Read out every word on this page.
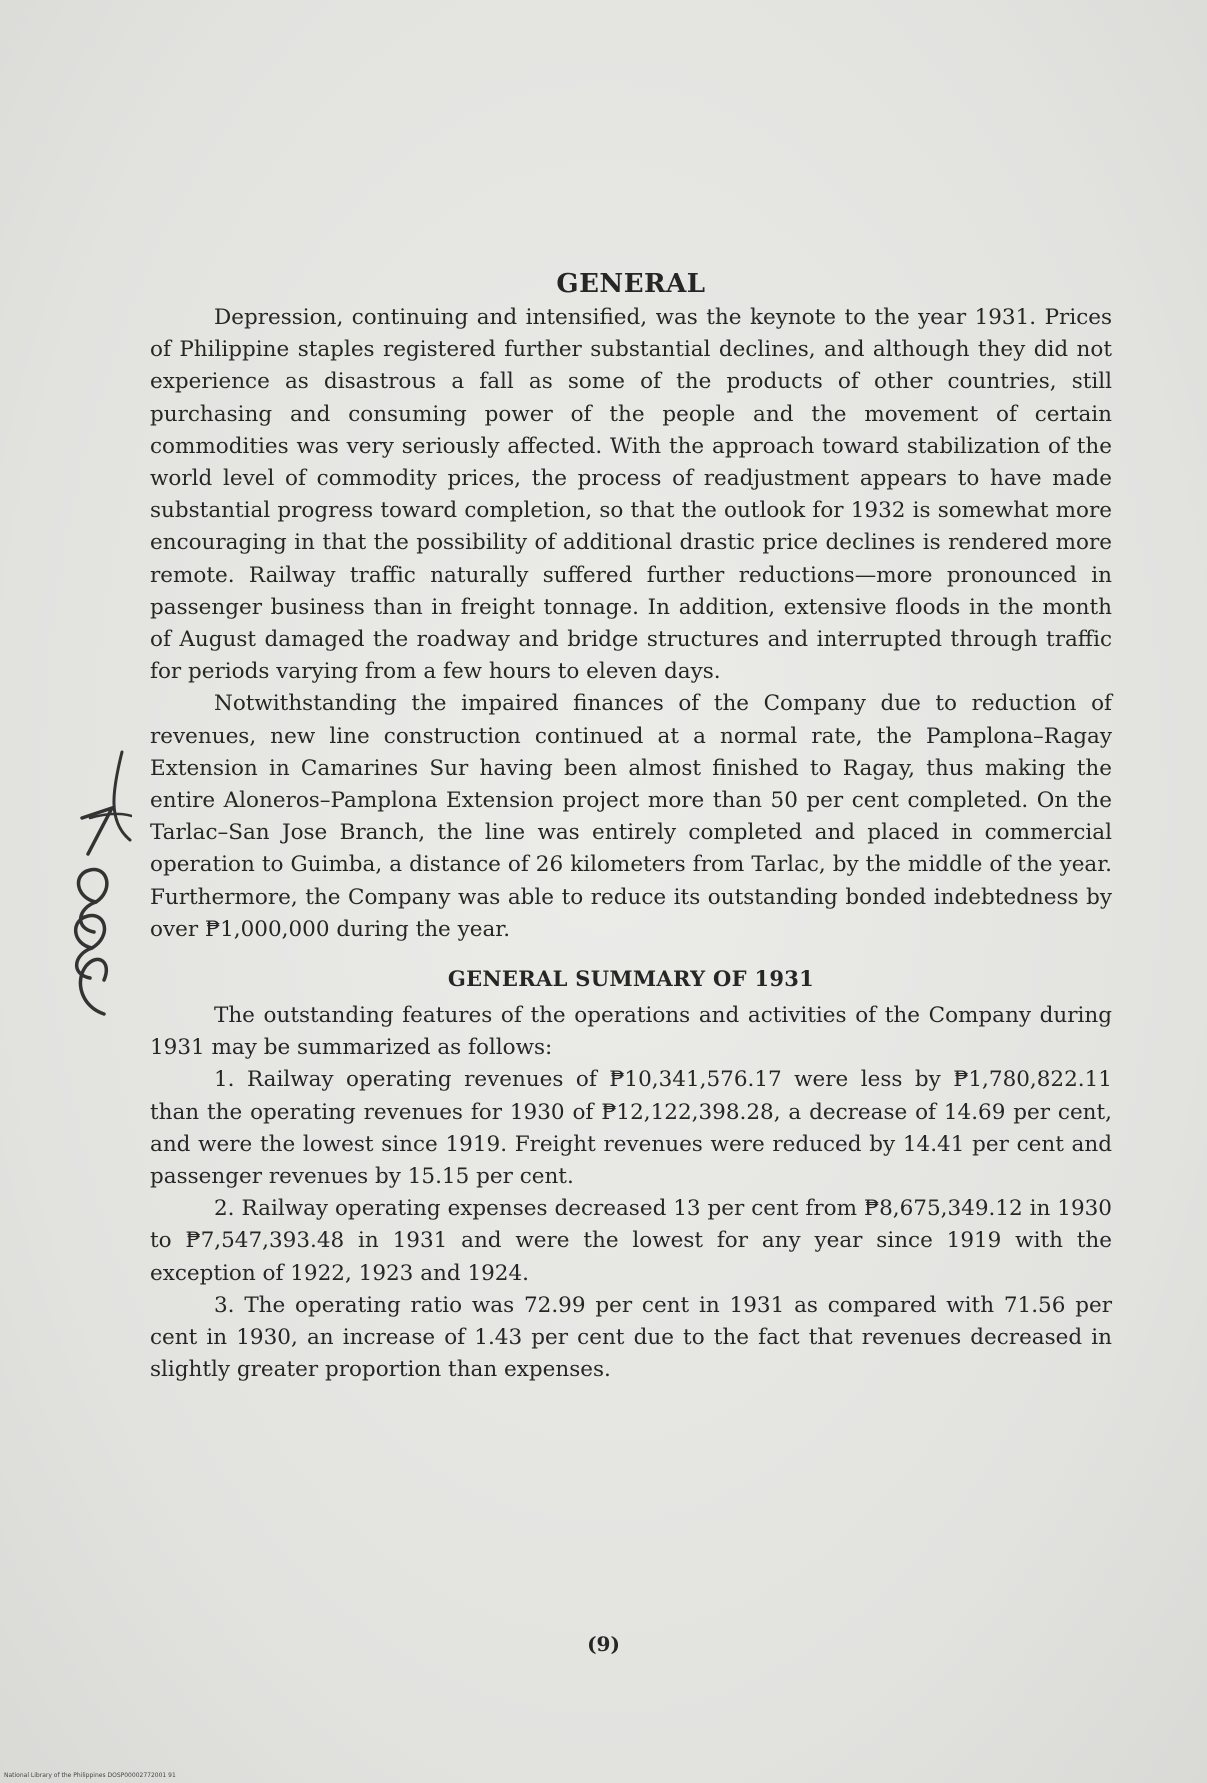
GENERAL

Depression, continuing and intensified, was the keynote to the year 1931. Prices of Philippine staples registered further substantial declines, and although they did not experience as disastrous a fall as some of the products of other countries, still purchasing and consuming power of the people and the movement of certain commodities was very seriously affected. With the approach toward stabilization of the world level of commodity prices, the process of readjustment appears to have made substantial progress toward completion, so that the outlook for 1932 is somewhat more encouraging in that the possibility of additional drastic price declines is rendered more remote. Railway traffic naturally suffered further reductions—more pronounced in passenger business than in freight tonnage. In addition, extensive floods in the month of August damaged the roadway and bridge structures and interrupted through traffic for periods varying from a few hours to eleven days.

Notwithstanding the impaired finances of the Company due to reduction of revenues, new line construction continued at a normal rate, the Pamplona–Ragay Extension in Camarines Sur having been almost finished to Ragay, thus making the entire Aloneros–Pamplona Extension project more than 50 per cent completed. On the Tarlac–San Jose Branch, the line was entirely completed and placed in commercial operation to Guimba, a distance of 26 kilometers from Tarlac, by the middle of the year. Furthermore, the Company was able to reduce its outstanding bonded indebtedness by over ₱1,000,000 during the year.

GENERAL SUMMARY OF 1931

The outstanding features of the operations and activities of the Company during 1931 may be summarized as follows:

1. Railway operating revenues of ₱10,341,576.17 were less by ₱1,780,822.11 than the operating revenues for 1930 of ₱12,122,398.28, a decrease of 14.69 per cent, and were the lowest since 1919. Freight revenues were reduced by 14.41 per cent and passenger revenues by 15.15 per cent.

2. Railway operating expenses decreased 13 per cent from ₱8,675,349.12 in 1930 to ₱7,547,393.48 in 1931 and were the lowest for any year since 1919 with the exception of 1922, 1923 and 1924.

3. The operating ratio was 72.99 per cent in 1931 as compared with 71.56 per cent in 1930, an increase of 1.43 per cent due to the fact that revenues decreased in slightly greater proportion than expenses.

(9)
National Library of the Philippines DOSP00002772001 91
